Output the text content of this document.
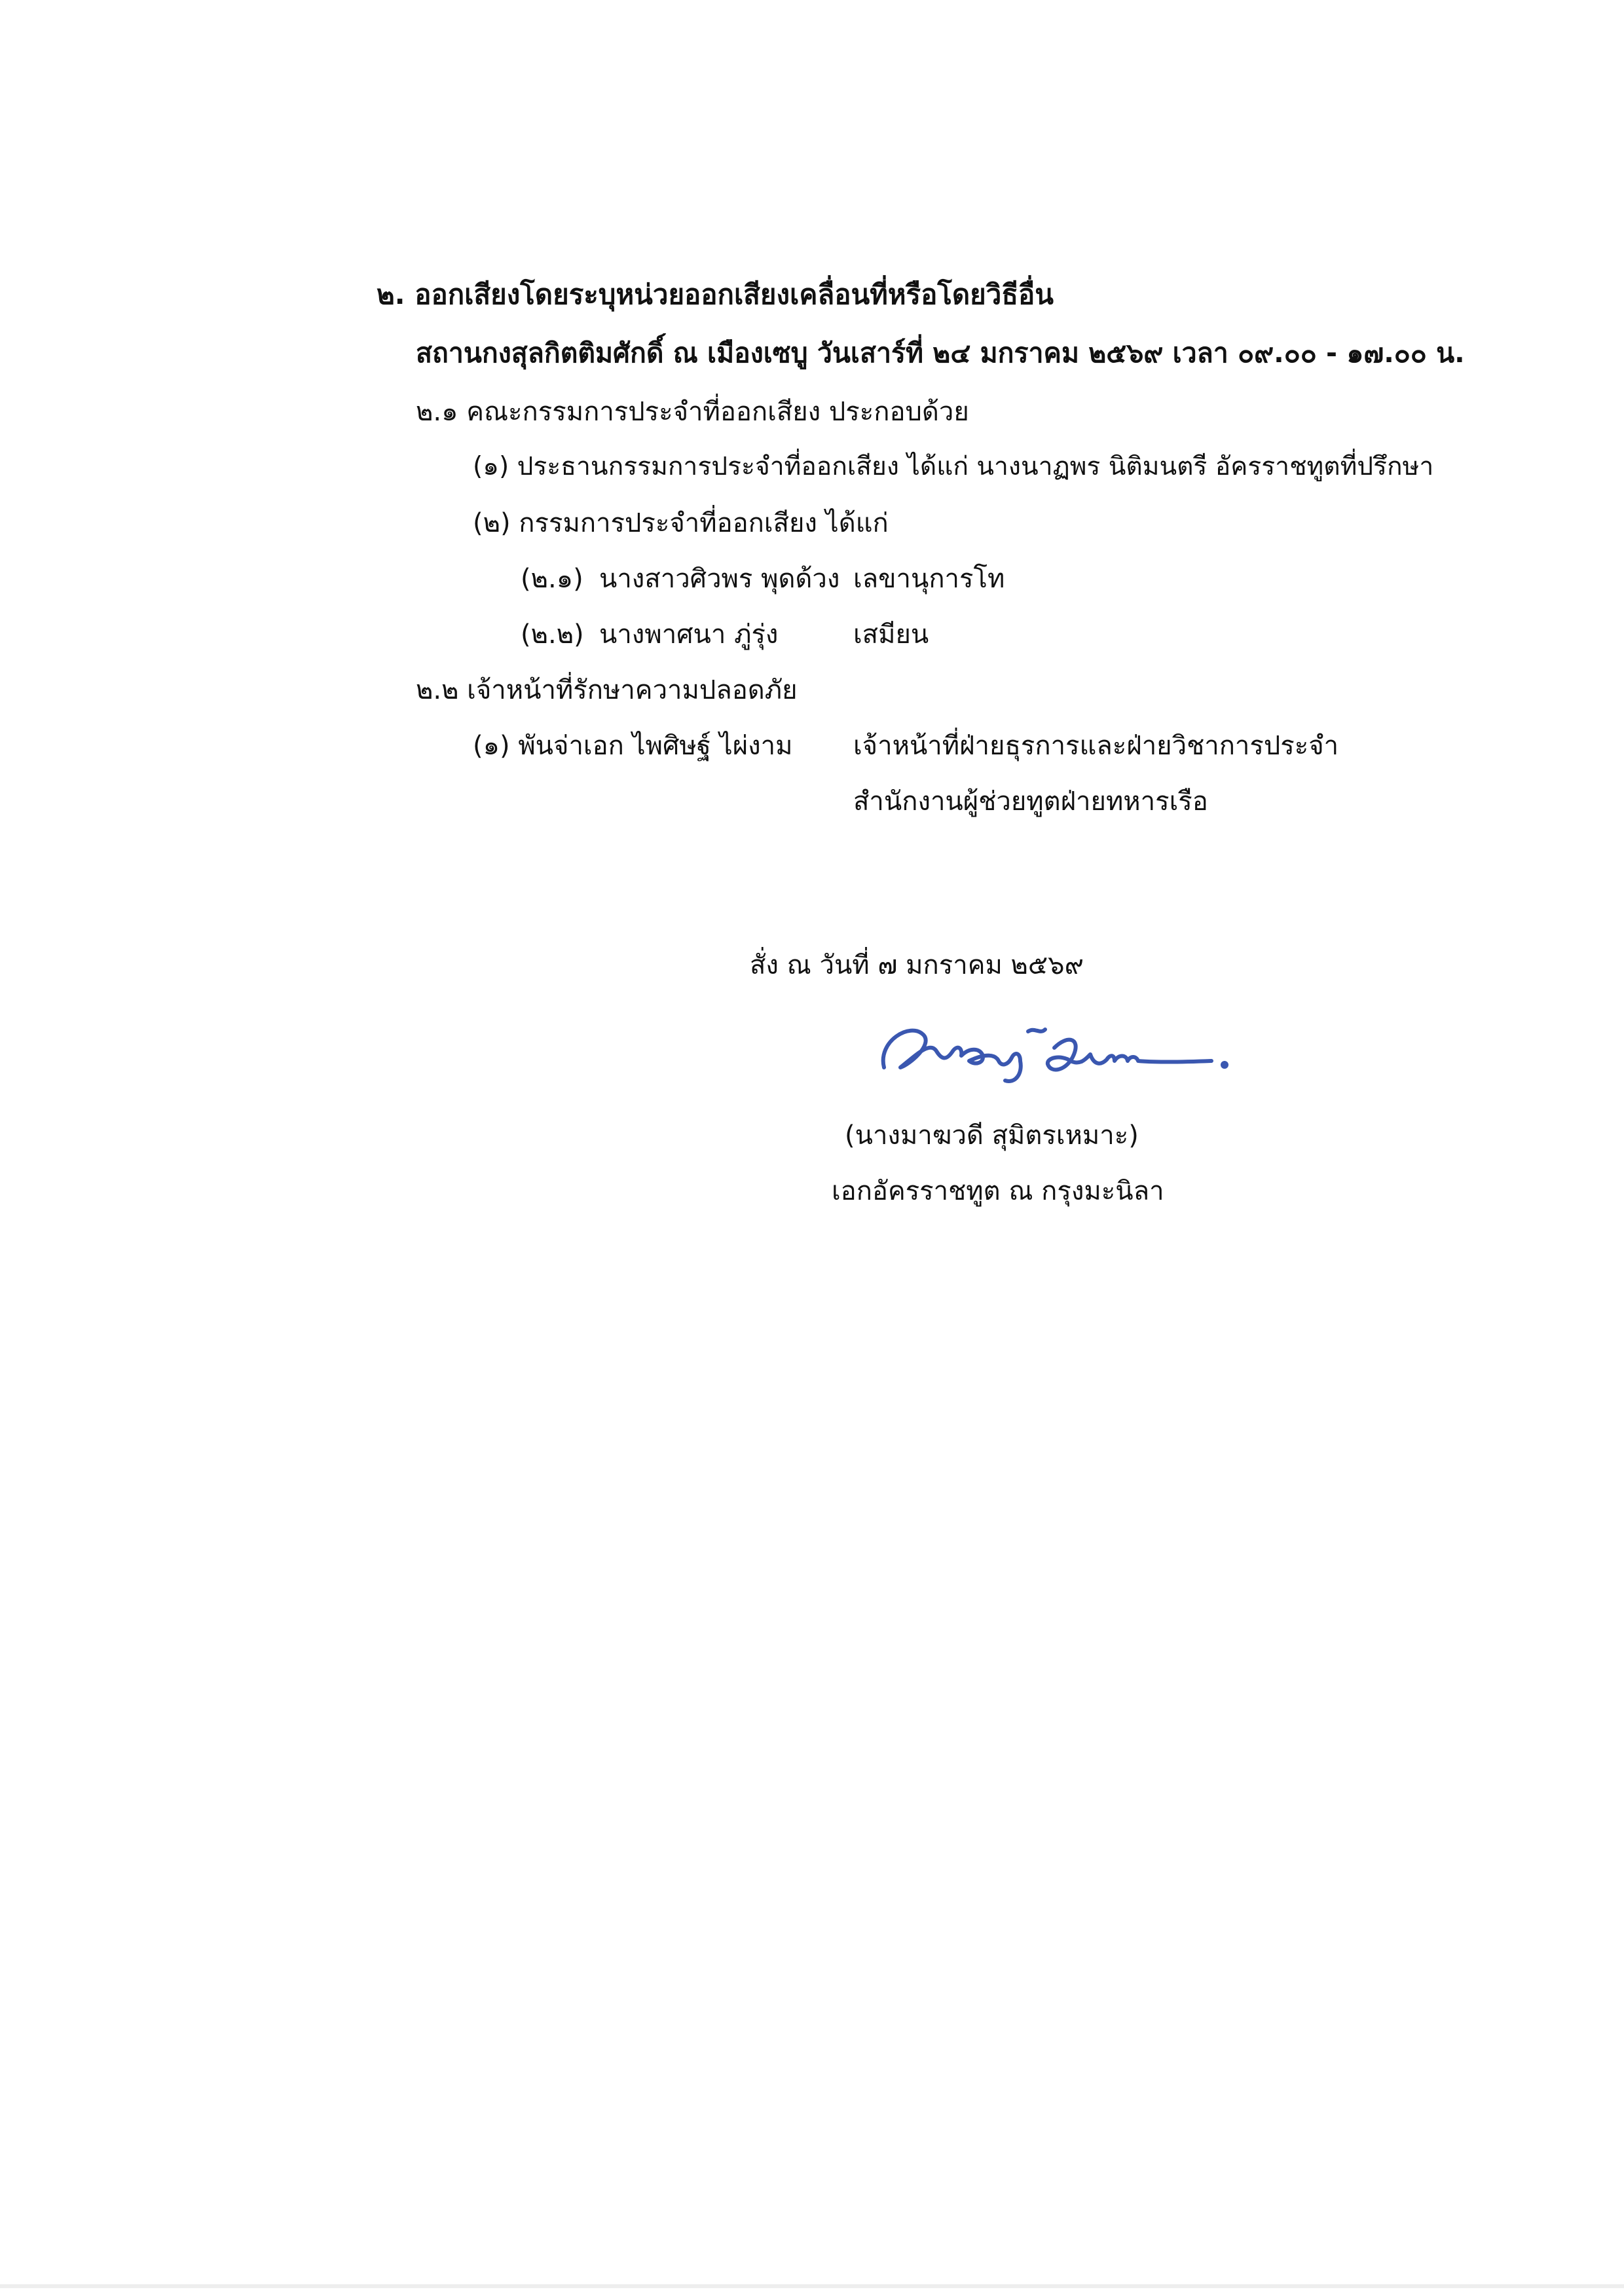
๒. ออกเสียงโดยระบุหน่วยออกเสียงเคลื่อนที่หรือโดยวิธีอื่น
สถานกงสุลกิตติมศักดิ์ ณ เมืองเซบู วันเสาร์ที่ ๒๔ มกราคม ๒๕๖๙ เวลา ๐๙.๐๐ - ๑๗.๐๐ น.
๒.๑ คณะกรรมการประจำที่ออกเสียง ประกอบด้วย
(๑) ประธานกรรมการประจำที่ออกเสียง ได้แก่ นางนาฏพร นิติมนตรี อัครราชทูตที่ปรึกษา
(๒) กรรมการประจำที่ออกเสียง ได้แก่
(๒.๑) นางสาวศิวพร พุดด้วง เลขานุการโท
(๒.๒) นางพาศนา ภู่รุ่ง	เสมียน
๒.๒ เจ้าหน้าที่รักษาความปลอดภัย
(๑) พันจ่าเอก ไพศิษฐ์ ไผ่งาม เจ้าหน้าที่ฝ่ายธุรการและฝ่ายวิชาการประจำ
สำนักงานผู้ช่วยทูตฝ่ายทหารเรือ
สั่ง ณ วันที่ ๗ มกราคม ๒๕๖๙
(นางมาฆวดี สุมิตรเหมาะ)
เอกอัครราชทูต ณ กรุงมะนิลา
